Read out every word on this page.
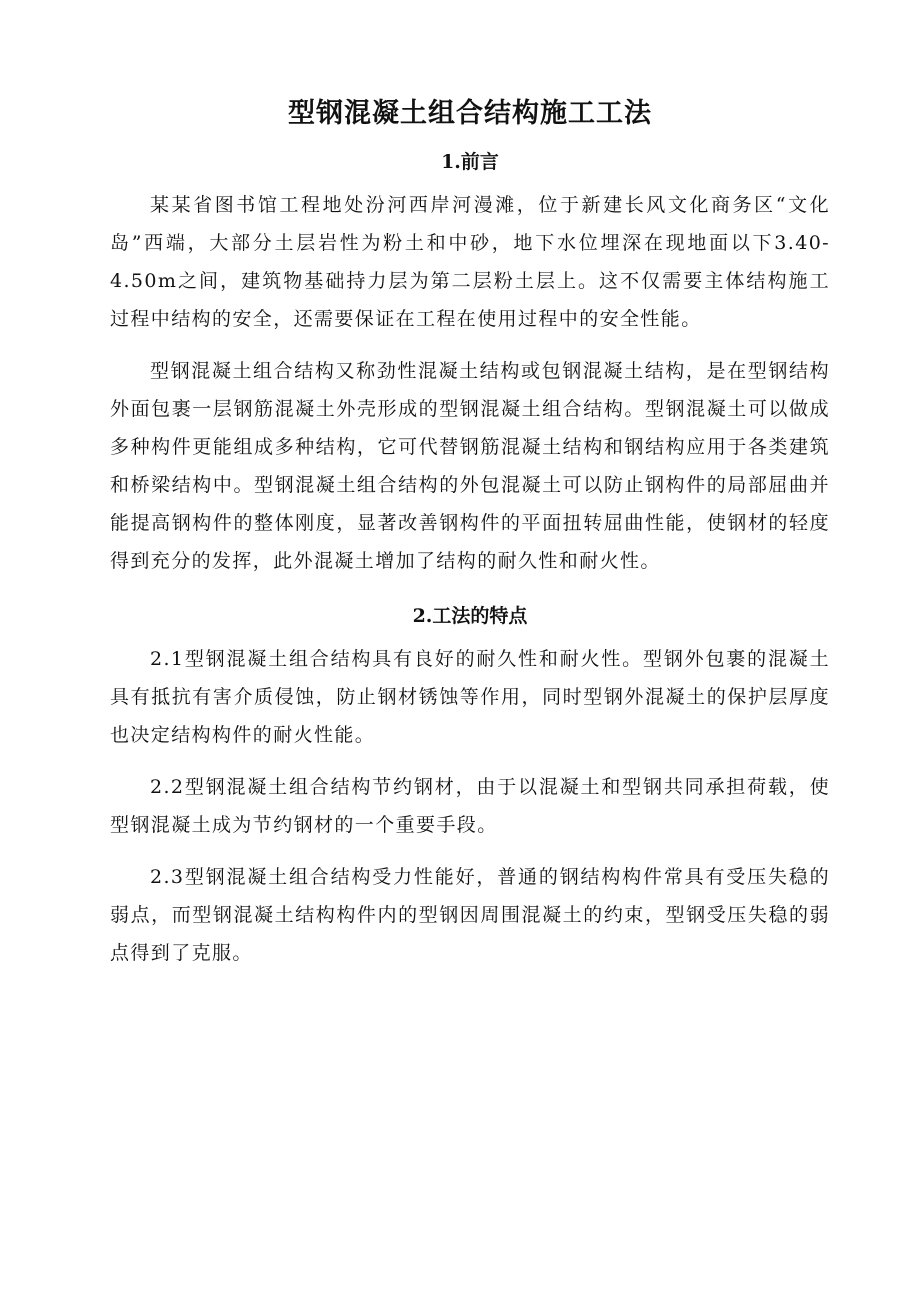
型钢混凝土组合结构施工工法
1.前言

某某省图书馆工程地处汾河西岸河漫滩，位于新建长风文化商务区“文化岛”西端，大部分土层岩性为粉土和中砂，地下水位埋深在现地面以下3.40-4.50m之间，建筑物基础持力层为第二层粉土层上。这不仅需要主体结构施工过程中结构的安全，还需要保证在工程在使用过程中的安全性能。

型钢混凝土组合结构又称劲性混凝土结构或包钢混凝土结构，是在型钢结构外面包裹一层钢筋混凝土外壳形成的型钢混凝土组合结构。型钢混凝土可以做成多种构件更能组成多种结构，它可代替钢筋混凝土结构和钢结构应用于各类建筑和桥梁结构中。型钢混凝土组合结构的外包混凝土可以防止钢构件的局部屈曲并能提高钢构件的整体刚度，显著改善钢构件的平面扭转屈曲性能，使钢材的轻度得到充分的发挥，此外混凝土增加了结构的耐久性和耐火性。

2.工法的特点

2.1型钢混凝土组合结构具有良好的耐久性和耐火性。型钢外包裹的混凝土具有抵抗有害介质侵蚀，防止钢材锈蚀等作用，同时型钢外混凝土的保护层厚度也决定结构构件的耐火性能。

2.2型钢混凝土组合结构节约钢材，由于以混凝土和型钢共同承担荷载，使型钢混凝土成为节约钢材的一个重要手段。

2.3型钢混凝土组合结构受力性能好，普通的钢结构构件常具有受压失稳的弱点，而型钢混凝土结构构件内的型钢因周围混凝土的约束，型钢受压失稳的弱点得到了克服。
